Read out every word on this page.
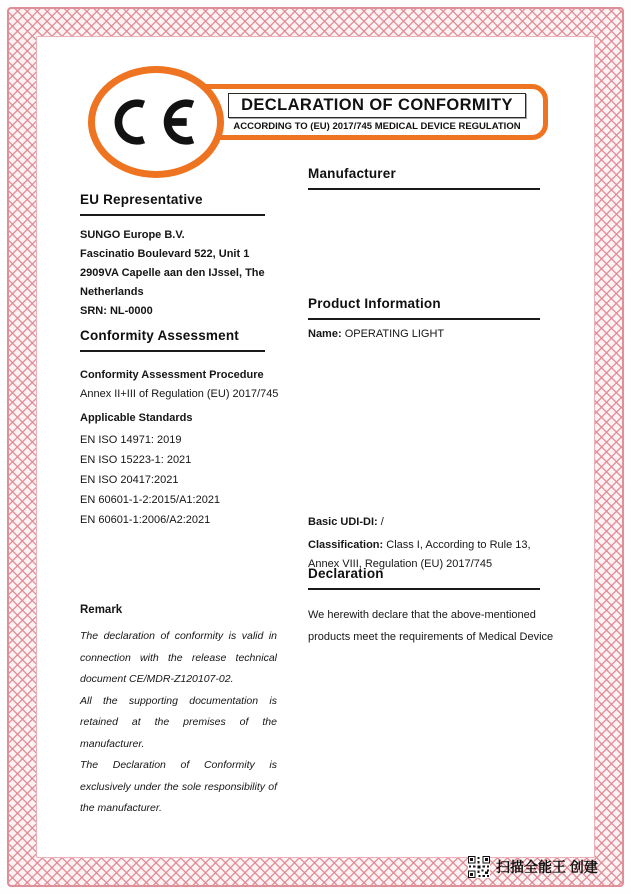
DECLARATION OF CONFORMITY
ACCORDING TO (EU) 2017/745 MEDICAL DEVICE REGULATION
Manufacturer
EU Representative
SUNGO Europe B.V.
Fascinatio Boulevard 522, Unit 1
2909VA Capelle aan den IJssel, The
Netherlands
SRN: NL-0000
Conformity Assessment
Conformity Assessment Procedure
Annex II+III of Regulation (EU) 2017/745
Applicable Standards
EN ISO 14971: 2019
EN ISO 15223-1: 2021
EN ISO 20417:2021
EN 60601-1-2:2015/A1:2021
EN 60601-1:2006/A2:2021
Product Information
Name: OPERATING LIGHT
Basic UDI-DI: /
Classification: Class I, According to Rule 13, Annex VIII, Regulation (EU) 2017/745
Declaration
We herewith declare that the above-mentioned products meet the requirements of Medical Device
Remark

The declaration of conformity is valid in connection with the release technical document CE/MDR-Z120107-02.

All the supporting documentation is retained at the premises of the manufacturer.

The Declaration of Conformity is exclusively under the sole responsibility of the manufacturer.

扫描全能王 创建
